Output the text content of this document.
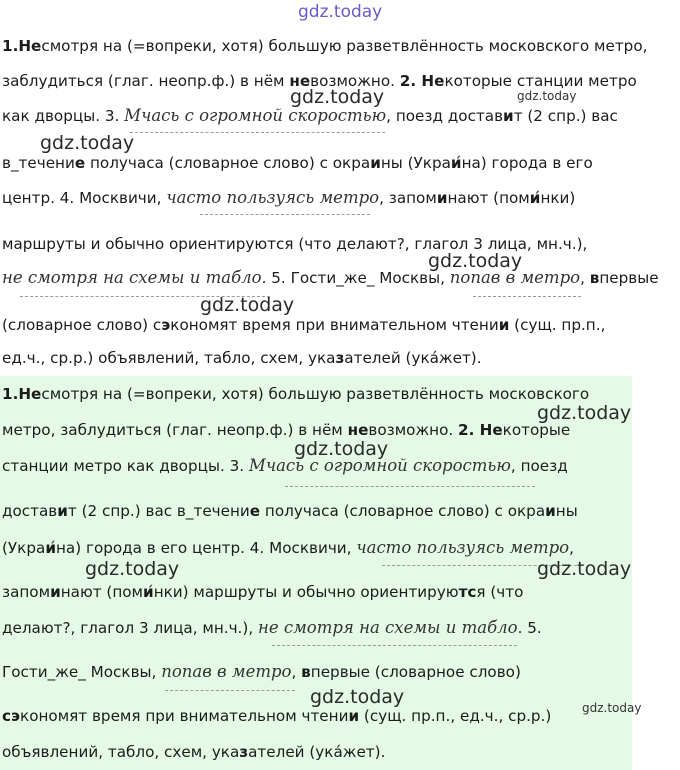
1.Несмотря на (=вопреки, хотя) большую разветвлённость московского метро,
заблудиться (глаг. неопр.ф.) в нём невозможно. 2. Некоторые станции метро
как дворцы. 3. Мчась с огромной скоростью, поезд доставит (2 спр.) вас
в_течение получаса (словарное слово) с окраины (Украи́на) города в его
центр. 4. Москвичи, часто пользуясь метро, запоминают (поми́нки)
маршруты и обычно ориентируются (что делают?, глагол 3 лица, мн.ч.),
не смотря на схемы и табло. 5. Гости_же_ Москвы, попав в метро, впервые
(словарное слово) сэкономят время при внимательном чтении (сущ. пр.п.,
ед.ч., ср.р.) объявлений, табло, схем, указателей (ука́жет).
1.Несмотря на (=вопреки, хотя) большую разветвлённость московского
метро, заблудиться (глаг. неопр.ф.) в нём невозможно. 2. Некоторые
станции метро как дворцы. 3. Мчась с огромной скоростью, поезд
доставит (2 спр.) вас в_течение получаса (словарное слово) с окраины
(Украи́на) города в его центр. 4. Москвичи, часто пользуясь метро,
запоминают (поми́нки) маршруты и обычно ориентируются (что
делают?, глагол 3 лица, мн.ч.), не смотря на схемы и табло. 5.
Гости_же_ Москвы, попав в метро, впервые (словарное слово)
сэкономят время при внимательном чтении (сущ. пр.п., ед.ч., ср.р.)
объявлений, табло, схем, указателей (ука́жет).
gdz.today
gdz.today	gdz.today
gdz.today
gdz.today
gdz.today
gdz.today
gdz.today
gdz.today	gdz.today
gdz.today	gdz.today
